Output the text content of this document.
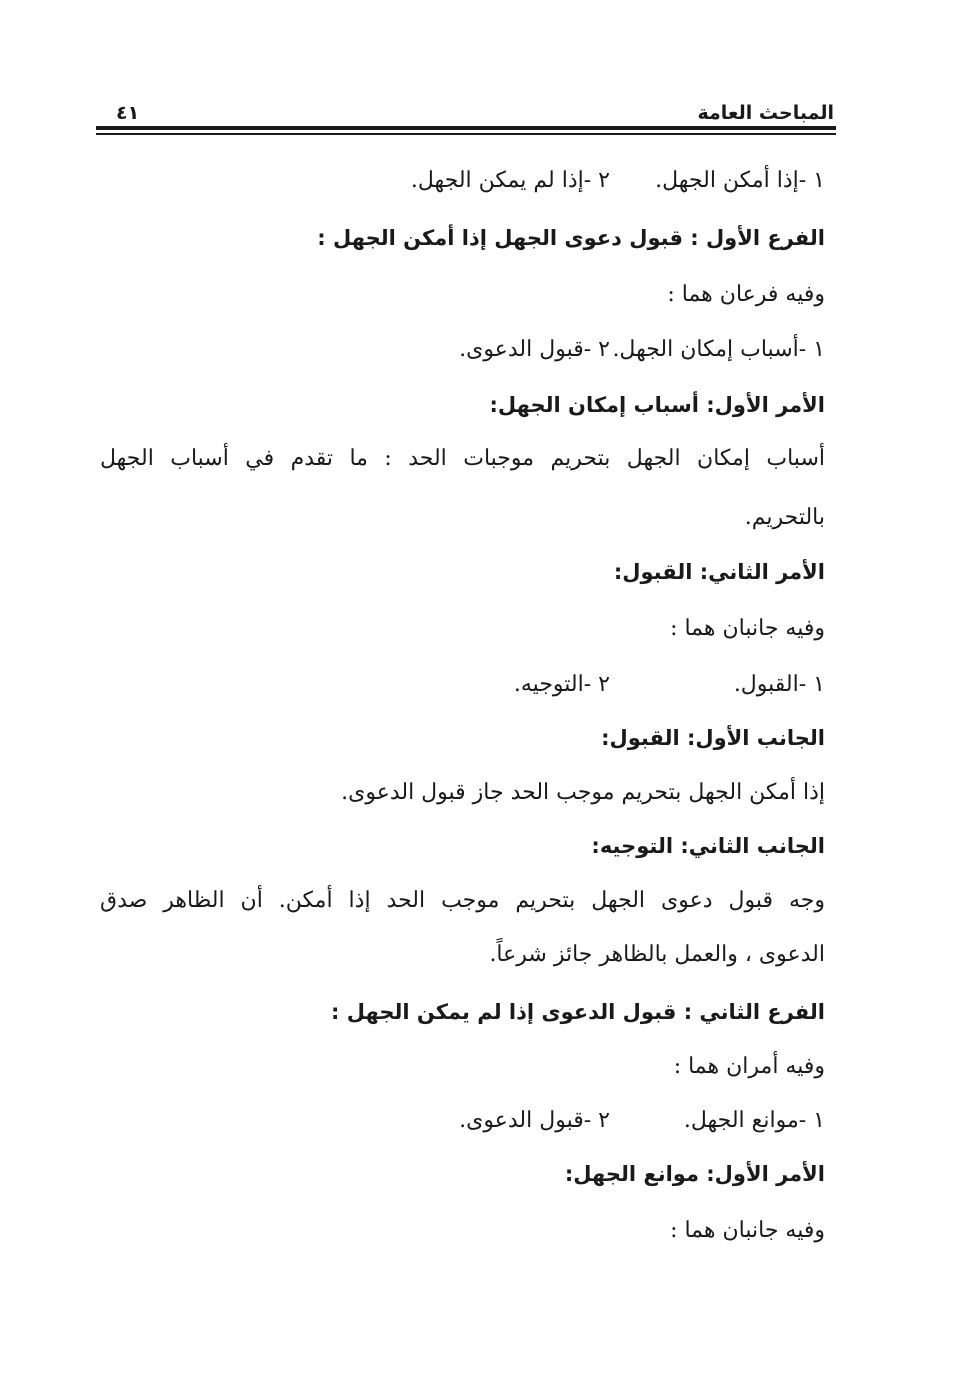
المباحث العامة
٤١
١ -إذا أمكن الجهل.
٢ -إذا لم يمكن الجهل.
الفرع الأول : قبول دعوى الجهل إذا أمكن الجهل :
وفيه فرعان هما :
١ -أسباب إمكان الجهل.
٢ -قبول الدعوى.
الأمر الأول: أسباب إمكان الجهل:
أسباب إمكان الجهل بتحريم موجبات الحد : ما تقدم في أسباب الجهل
بالتحريم.
الأمر الثاني: القبول:
وفيه جانبان هما :
١ -القبول.
٢ -التوجيه.
الجانب الأول: القبول:
إذا أمكن الجهل بتحريم موجب الحد جاز قبول الدعوى.
الجانب الثاني: التوجيه:
وجه قبول دعوى الجهل بتحريم موجب الحد إذا أمكن. أن الظاهر صدق
الدعوى ، والعمل بالظاهر جائز شرعاً.
الفرع الثاني : قبول الدعوى إذا لم يمكن الجهل :
وفيه أمران هما :
١ -موانع الجهل.
٢ -قبول الدعوى.
الأمر الأول: موانع الجهل:
وفيه جانبان هما :
